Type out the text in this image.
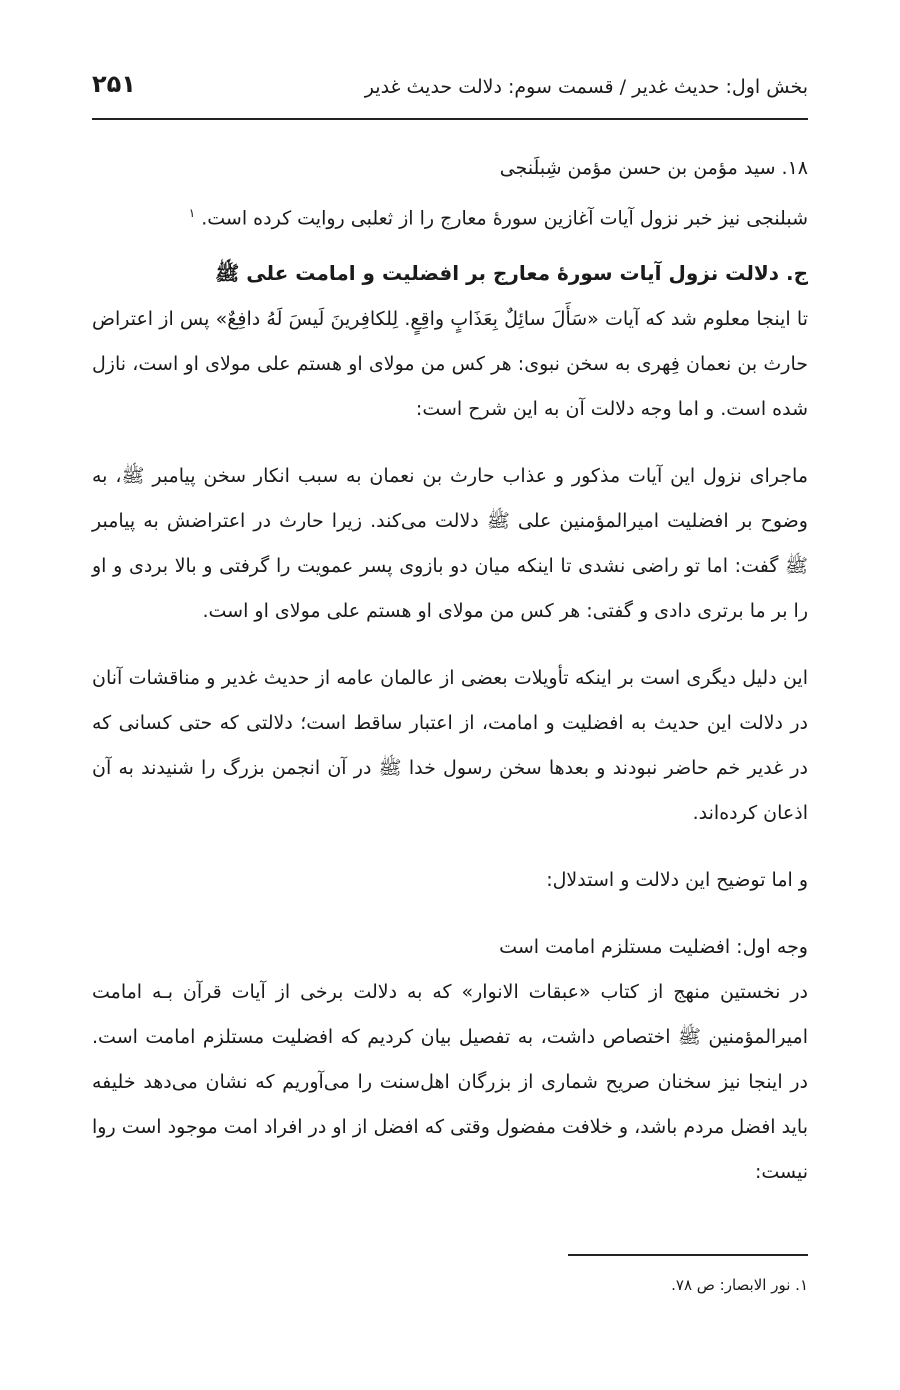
بخش اول: حدیث غدیر / قسمت سوم: دلالت حدیث غدیر
۲۵۱

۱۸. سید مؤمن بن حسن مؤمن شِبلَنجی

شبلنجی نیز خبر نزول آیات آغازین سورۀ معارج را از ثعلبی روایت کرده است. $^۱$

ج. دلالت نزول آیات سورۀ معارج بر افضلیت و امامت علی ﷺ

تا اینجا معلوم شد که آیات «سَأَلَ سائِلٌ بِعَذَابٍ واقِعٍ. لِلکافِرینَ لَیسَ لَهُ دافِعٌ» پس از اعتراض حارث بن نعمان فِهری به سخن نبوی: هر کس من مولای او هستم علی مولای او است، نازل شده است. و اما وجه دلالت آن به این شرح است:

ماجرای نزول این آیات مذکور و عذاب حارث بن نعمان به سبب انکار سخن پیامبر ﷺ، به وضوح بر افضلیت امیرالمؤمنین علی ﷺ دلالت می‌کند. زیرا حارث در اعتراضش به پیامبر ﷺ گفت: اما تو راضی نشدی تا اینکه میان دو بازوی پسر عمویت را گرفتی و بالا بردی و او را بر ما برتری دادی و گفتی: هر کس من مولای او هستم علی مولای او است.

این دلیل دیگری است بر اینکه تأویلات بعضی از عالمان عامه از حدیث غدیر و مناقشات آنان در دلالت این حدیث به افضلیت و امامت، از اعتبار ساقط است؛ دلالتی که حتی کسانی که در غدیر خم حاضر نبودند و بعدها سخن رسول خدا ﷺ در آن انجمن بزرگ را شنیدند به آن اذعان کرده‌اند.

و اما توضیح این دلالت و استدلال:

وجه اول: افضلیت مستلزم امامت است

در نخستین منهج از کتاب «عبقات الانوار» که به دلالت برخی از آیات قرآن بـه امامت امیرالمؤمنین ﷺ اختصاص داشت، به تفصیل بیان کردیم که افضلیت مستلزم امامت است. در اینجا نیز سخنان صریح شماری از بزرگان اهل‌سنت را می‌آوریم که نشان می‌دهد خلیفه باید افضل مردم باشد، و خلافت مفضول وقتی که افضل از او در افراد امت موجود است روا نیست:

۱. نور الابصار: ص ۷۸.
